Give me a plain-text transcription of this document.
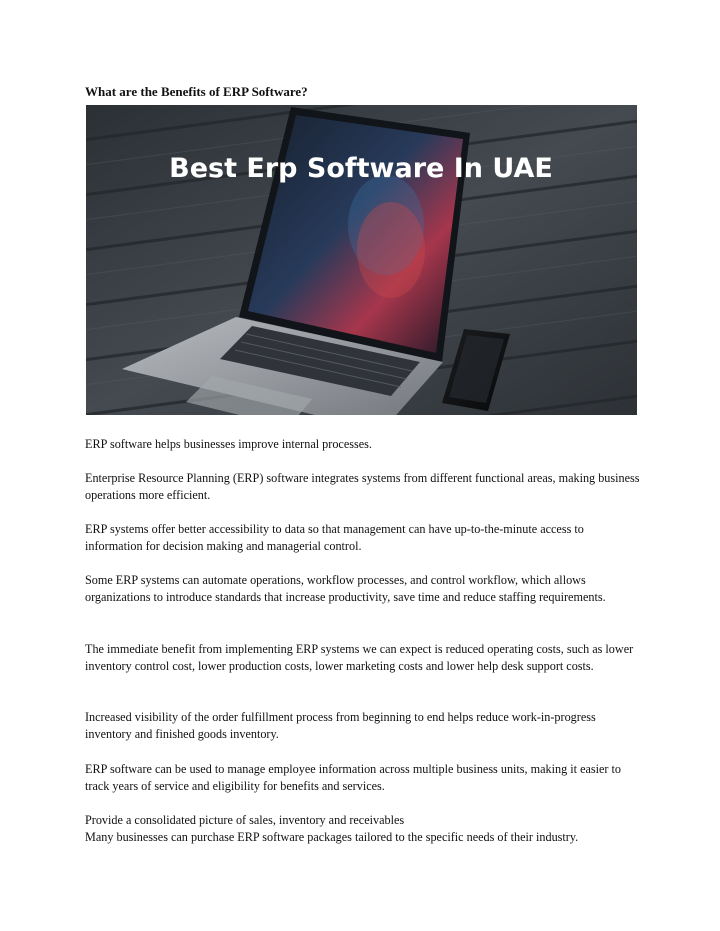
What are the Benefits of ERP Software?
Best Erp Software In UAE

ERP software helps businesses improve internal processes.

Enterprise Resource Planning (ERP) software integrates systems from different functional areas, making business operations more efficient.

ERP systems offer better accessibility to data so that management can have up-to-the-minute access to information for decision making and managerial control.

Some ERP systems can automate operations, workflow processes, and control workflow, which allows organizations to introduce standards that increase productivity, save time and reduce staffing requirements.

The immediate benefit from implementing ERP systems we can expect is reduced operating costs, such as lower inventory control cost, lower production costs, lower marketing costs and lower help desk support costs.

Increased visibility of the order fulfillment process from beginning to end helps reduce work-in-progress inventory and finished goods inventory.

ERP software can be used to manage employee information across multiple business units, making it easier to track years of service and eligibility for benefits and services.

Provide a consolidated picture of sales, inventory and receivables

Many businesses can purchase ERP software packages tailored to the specific needs of their industry.
